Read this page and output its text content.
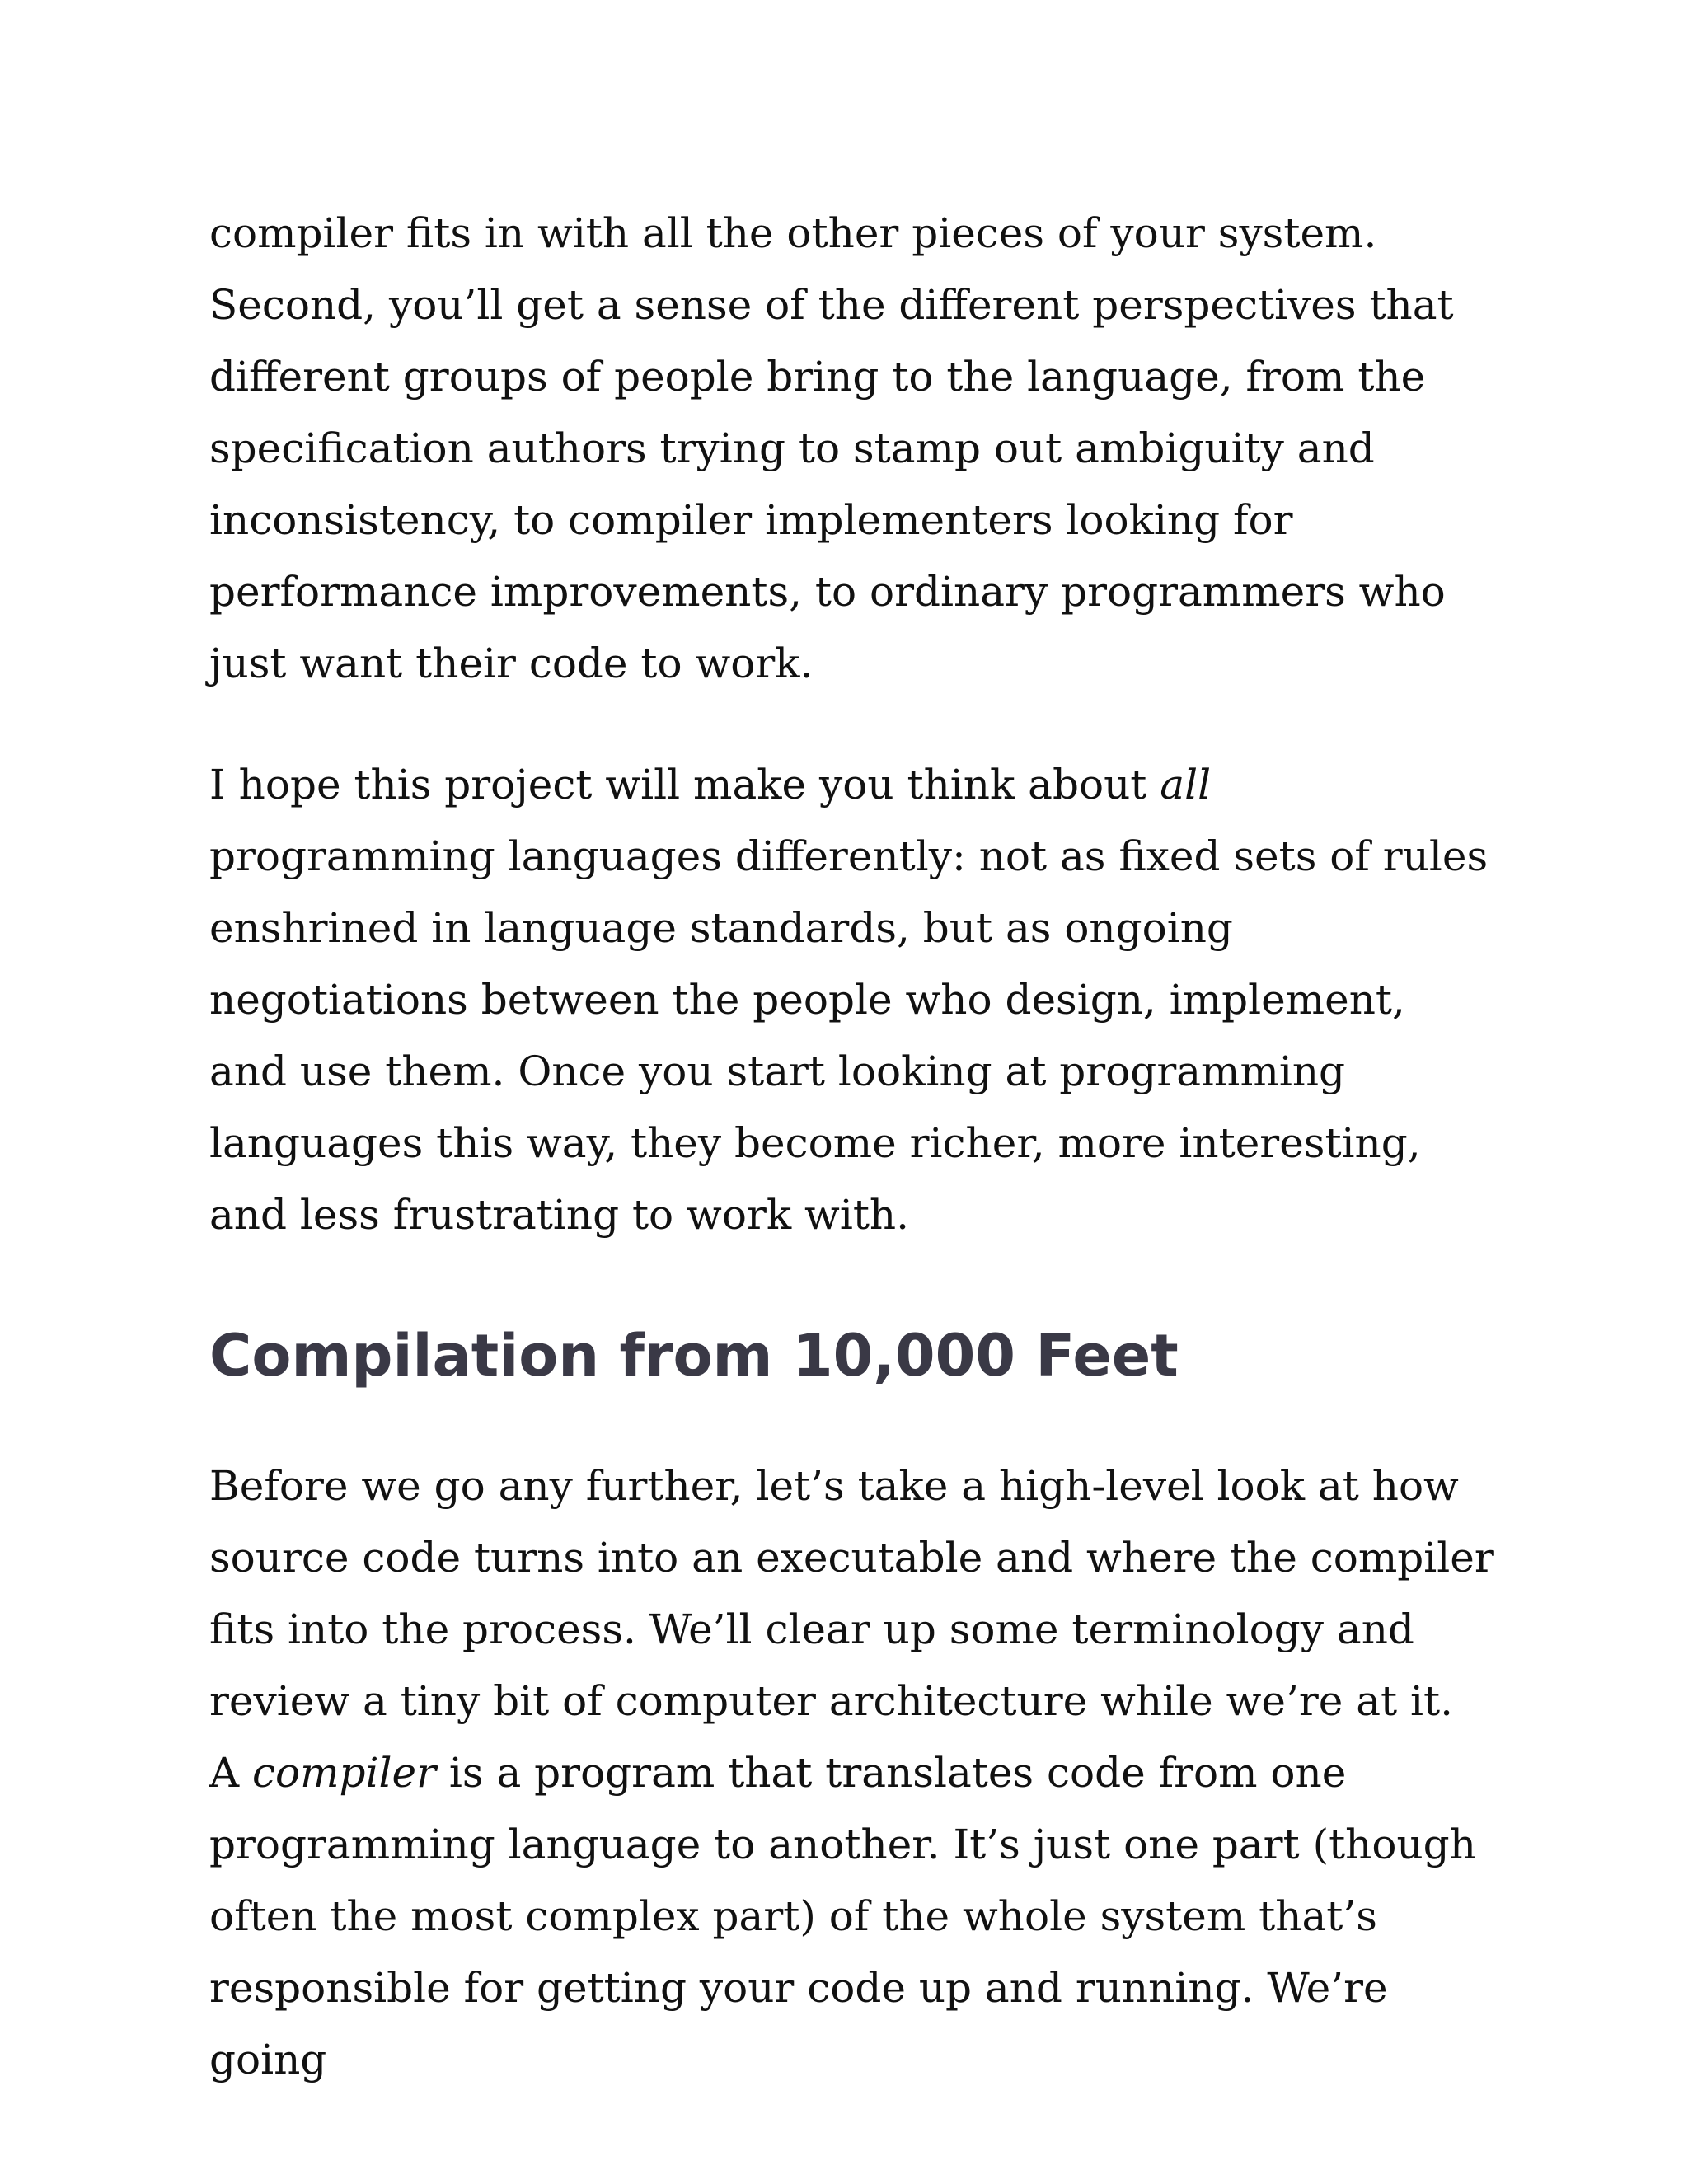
compiler fits in with all the other pieces of your system. Second, you’ll get a sense of the different perspectives that different groups of people bring to the language, from the specification authors trying to stamp out ambiguity and inconsistency, to compiler implementers looking for performance improvements, to ordinary programmers who just want their code to work.

I hope this project will make you think about all programming languages differently: not as fixed sets of rules enshrined in language standards, but as ongoing negotiations between the people who design, implement, and use them. Once you start looking at programming languages this way, they become richer, more interesting, and less frustrating to work with.

Compilation from 10,000 Feet

Before we go any further, let’s take a high-level look at how source code turns into an executable and where the compiler fits into the process. We’ll clear up some terminology and review a tiny bit of computer architecture while we’re at it. A compiler is a program that translates code from one programming language to another. It’s just one part (though often the most complex part) of the whole system that’s responsible for getting your code up and running. We’re going
